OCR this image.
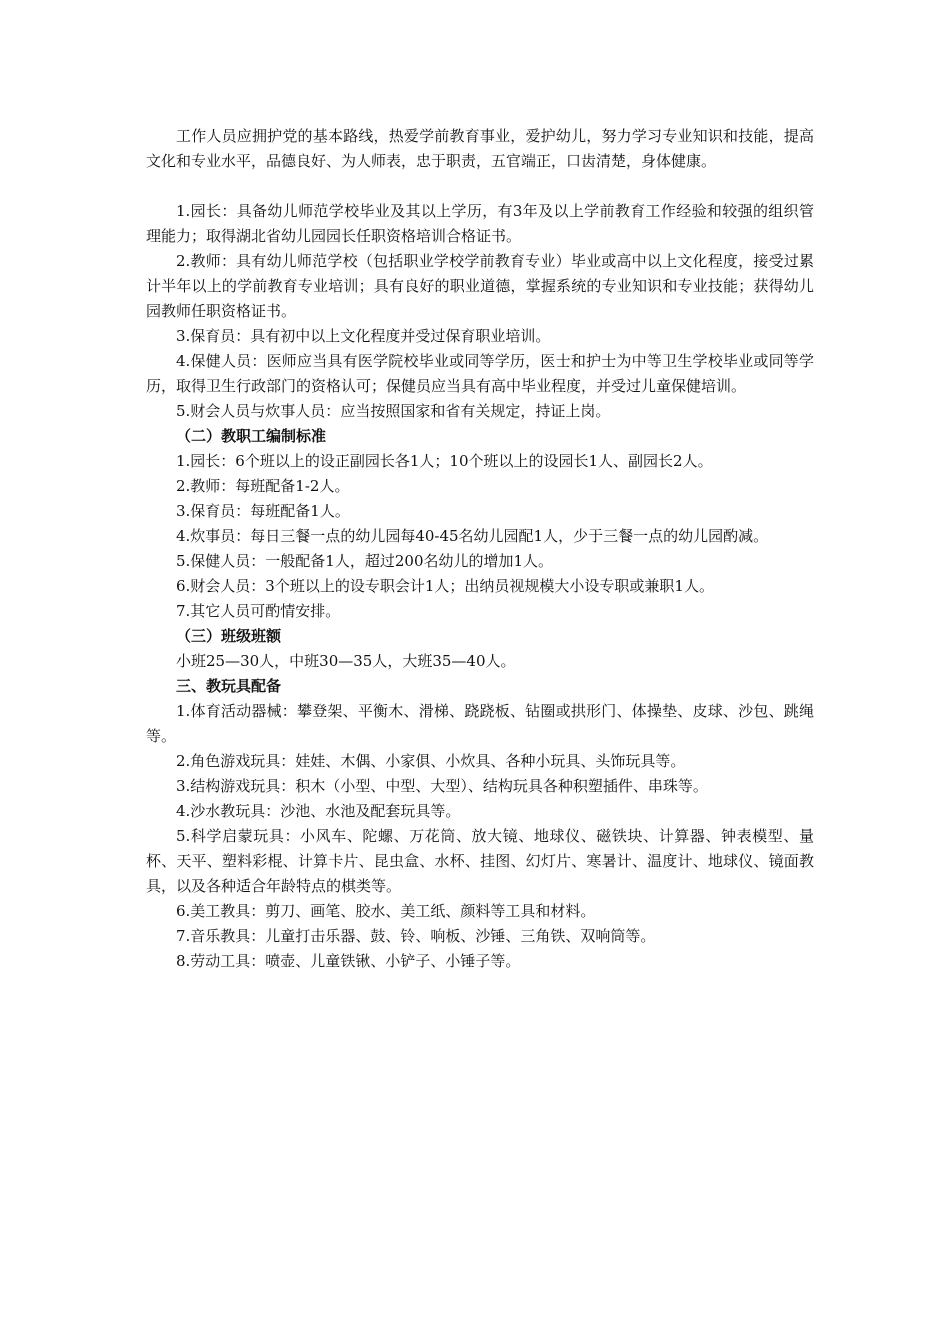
工作人员应拥护党的基本路线，热爱学前教育事业，爱护幼儿，努力学习专业知识和技能，提高文化和专业水平，品德良好、为人师表，忠于职责，五官端正，口齿清楚，身体健康。

1.园长：具备幼儿师范学校毕业及其以上学历，有3年及以上学前教育工作经验和较强的组织管理能力；取得湖北省幼儿园园长任职资格培训合格证书。

2.教师：具有幼儿师范学校（包括职业学校学前教育专业）毕业或高中以上文化程度，接受过累计半年以上的学前教育专业培训；具有良好的职业道德，掌握系统的专业知识和专业技能；获得幼儿园教师任职资格证书。

3.保育员：具有初中以上文化程度并受过保育职业培训。

4.保健人员：医师应当具有医学院校毕业或同等学历，医士和护士为中等卫生学校毕业或同等学历，取得卫生行政部门的资格认可；保健员应当具有高中毕业程度，并受过儿童保健培训。

5.财会人员与炊事人员：应当按照国家和省有关规定，持证上岗。

（二）教职工编制标准

1.园长：6个班以上的设正副园长各1人；10个班以上的设园长1人、副园长2人。

2.教师：每班配备1-2人。

3.保育员：每班配备1人。

4.炊事员：每日三餐一点的幼儿园每40-45名幼儿园配1人，少于三餐一点的幼儿园酌减。

5.保健人员：一般配备1人，超过200名幼儿的增加1人。

6.财会人员：3个班以上的设专职会计1人；出纳员视规模大小设专职或兼职1人。

7.其它人员可酌情安排。

（三）班级班额

小班25—30人，中班30—35人，大班35—40人。

三、教玩具配备

1.体育活动器械：攀登架、平衡木、滑梯、跷跷板、钻圈或拱形门、体操垫、皮球、沙包、跳绳等。

2.角色游戏玩具：娃娃、木偶、小家俱、小炊具、各种小玩具、头饰玩具等。

3.结构游戏玩具：积木（小型、中型、大型）、结构玩具各种积塑插件、串珠等。

4.沙水教玩具：沙池、水池及配套玩具等。

5.科学启蒙玩具：小风车、陀螺、万花筒、放大镜、地球仪、磁铁块、计算器、钟表模型、量杯、天平、塑料彩棍、计算卡片、昆虫盒、水杯、挂图、幻灯片、寒暑计、温度计、地球仪、镜面教具，以及各种适合年龄特点的棋类等。

6.美工教具：剪刀、画笔、胶水、美工纸、颜料等工具和材料。

7.音乐教具：儿童打击乐器、鼓、铃、响板、沙锤、三角铁、双响筒等。

8.劳动工具：喷壶、儿童铁锹、小铲子、小锤子等。
